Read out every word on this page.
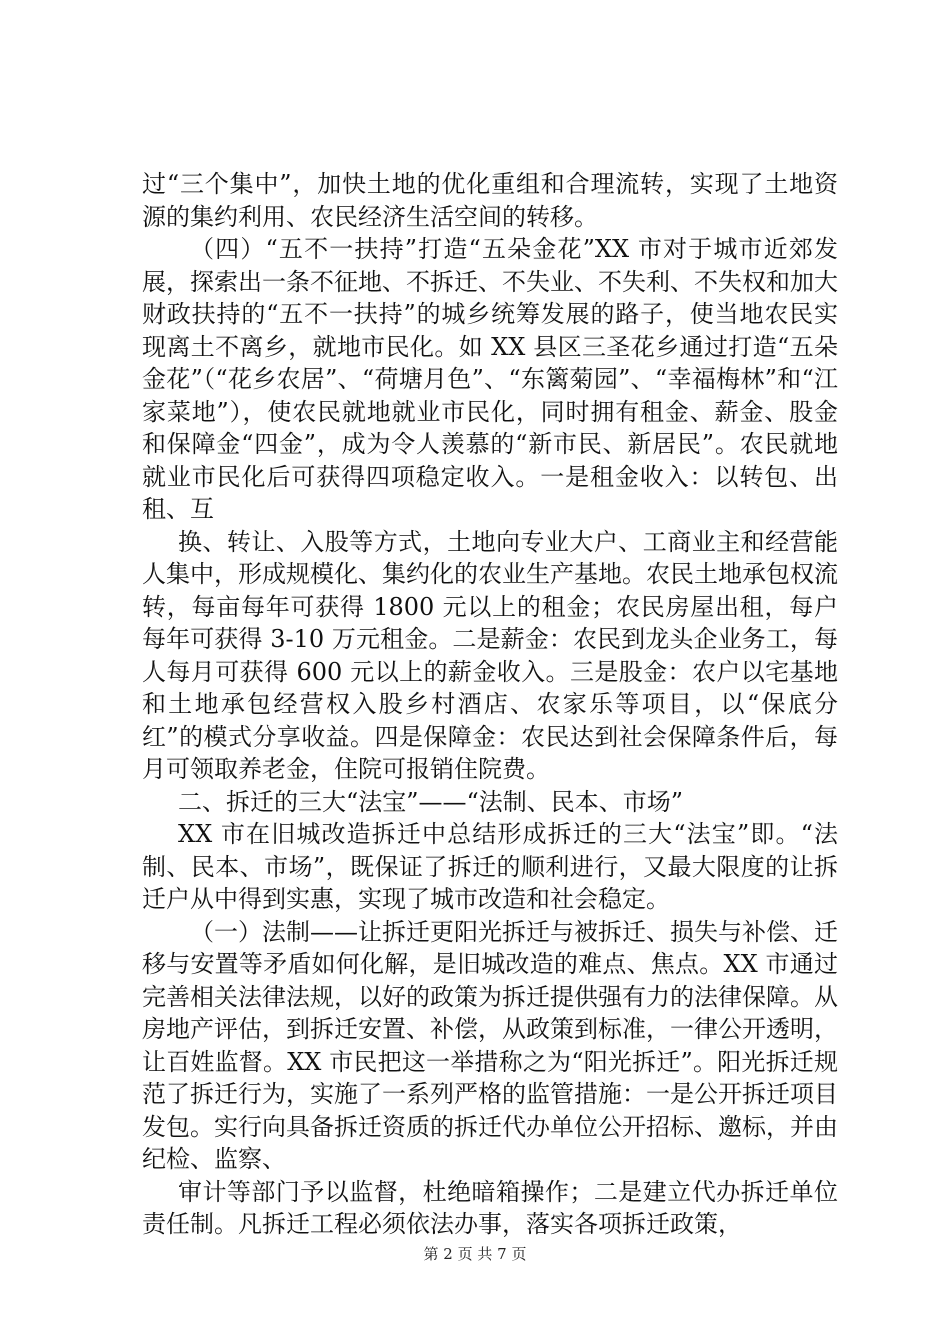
过“三个集中”，加快土地的优化重组和合理流转，实现了土地资源的集约利用、农民经济生活空间的转移。

（四）“五不一扶持”打造“五朵金花”XX 市对于城市近郊发展，探索出一条不征地、不拆迁、不失业、不失利、不失权和加大财政扶持的“五不一扶持”的城乡统筹发展的路子，使当地农民实现离土不离乡，就地市民化。如 XX 县区三圣花乡通过打造“五朵金花”（“花乡农居”、“荷塘月色”、“东篱菊园”、“幸福梅林”和“江家菜地”），使农民就地就业市民化，同时拥有租金、薪金、股金和保障金“四金”，成为令人羡慕的“新市民、新居民”。农民就地就业市民化后可获得四项稳定收入。一是租金收入：以转包、出租、互

换、转让、入股等方式，土地向专业大户、工商业主和经营能人集中，形成规模化、集约化的农业生产基地。农民土地承包权流转，每亩每年可获得 1800 元以上的租金；农民房屋出租，每户每年可获得 3-10 万元租金。二是薪金：农民到龙头企业务工，每人每月可获得 600 元以上的薪金收入。三是股金：农户以宅基地和土地承包经营权入股乡村酒店、农家乐等项目，以“保底分红”的模式分享收益。四是保障金：农民达到社会保障条件后，每月可领取养老金，住院可报销住院费。

二、拆迁的三大“法宝”——“法制、民本、市场”

XX 市在旧城改造拆迁中总结形成拆迁的三大“法宝”即。“法制、民本、市场”，既保证了拆迁的顺利进行，又最大限度的让拆迁户从中得到实惠，实现了城市改造和社会稳定。

（一）法制——让拆迁更阳光拆迁与被拆迁、损失与补偿、迁移与安置等矛盾如何化解，是旧城改造的难点、焦点。XX 市通过完善相关法律法规，以好的政策为拆迁提供强有力的法律保障。从房地产评估，到拆迁安置、补偿，从政策到标准，一律公开透明，让百姓监督。XX 市民把这一举措称之为“阳光拆迁”。阳光拆迁规范了拆迁行为，实施了一系列严格的监管措施：一是公开拆迁项目发包。实行向具备拆迁资质的拆迁代办单位公开招标、邀标，并由纪检、监察、

审计等部门予以监督，杜绝暗箱操作；二是建立代办拆迁单位责任制。凡拆迁工程必须依法办事，落实各项拆迁政策，

第 2 页 共 7 页
